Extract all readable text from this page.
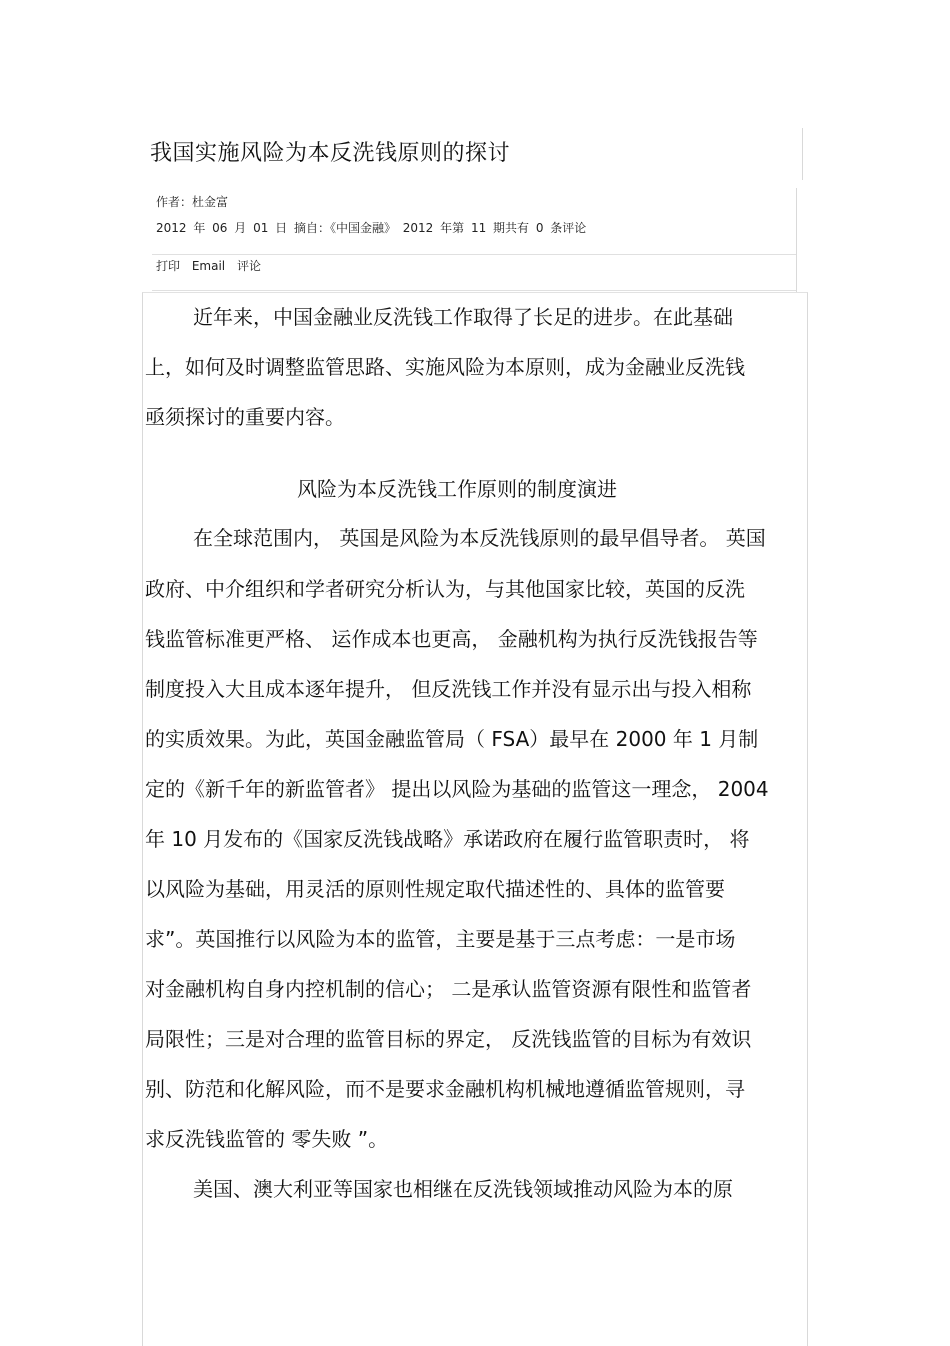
我国实施风险为本反洗钱原则的探讨
作者：杜金富
2012 年 06 月 01 日 摘自：《中国金融》 2012 年第 11 期共有 0 条评论
打印 Email 评论
近年来，中国金融业反洗钱工作取得了长足的进步。在此基础
上，如何及时调整监管思路、实施风险为本原则，成为金融业反洗钱
亟须探讨的重要内容。
风险为本反洗钱工作原则的制度演进
在全球范围内， 英国是风险为本反洗钱原则的最早倡导者。 英国
政府、中介组织和学者研究分析认为，与其他国家比较，英国的反洗
钱监管标准更严格、 运作成本也更高， 金融机构为执行反洗钱报告等
制度投入大且成本逐年提升， 但反洗钱工作并没有显示出与投入相称
的实质效果。为此，英国金融监管局（ FSA）最早在 2000 年 1 月制
定的《新千年的新监管者》 提出以风险为基础的监管这一理念， 2004
年 10 月发布的《国家反洗钱战略》承诺政府在履行监管职责时， 将
以风险为基础，用灵活的原则性规定取代描述性的、具体的监管要
求”。英国推行以风险为本的监管，主要是基于三点考虑：一是市场
对金融机构自身内控机制的信心； 二是承认监管资源有限性和监管者
局限性；三是对合理的监管目标的界定， 反洗钱监管的目标为有效识
别、防范和化解风险，而不是要求金融机构机械地遵循监管规则，寻
求反洗钱监管的 零失败 ”。
美国、澳大利亚等国家也相继在反洗钱领域推动风险为本的原
